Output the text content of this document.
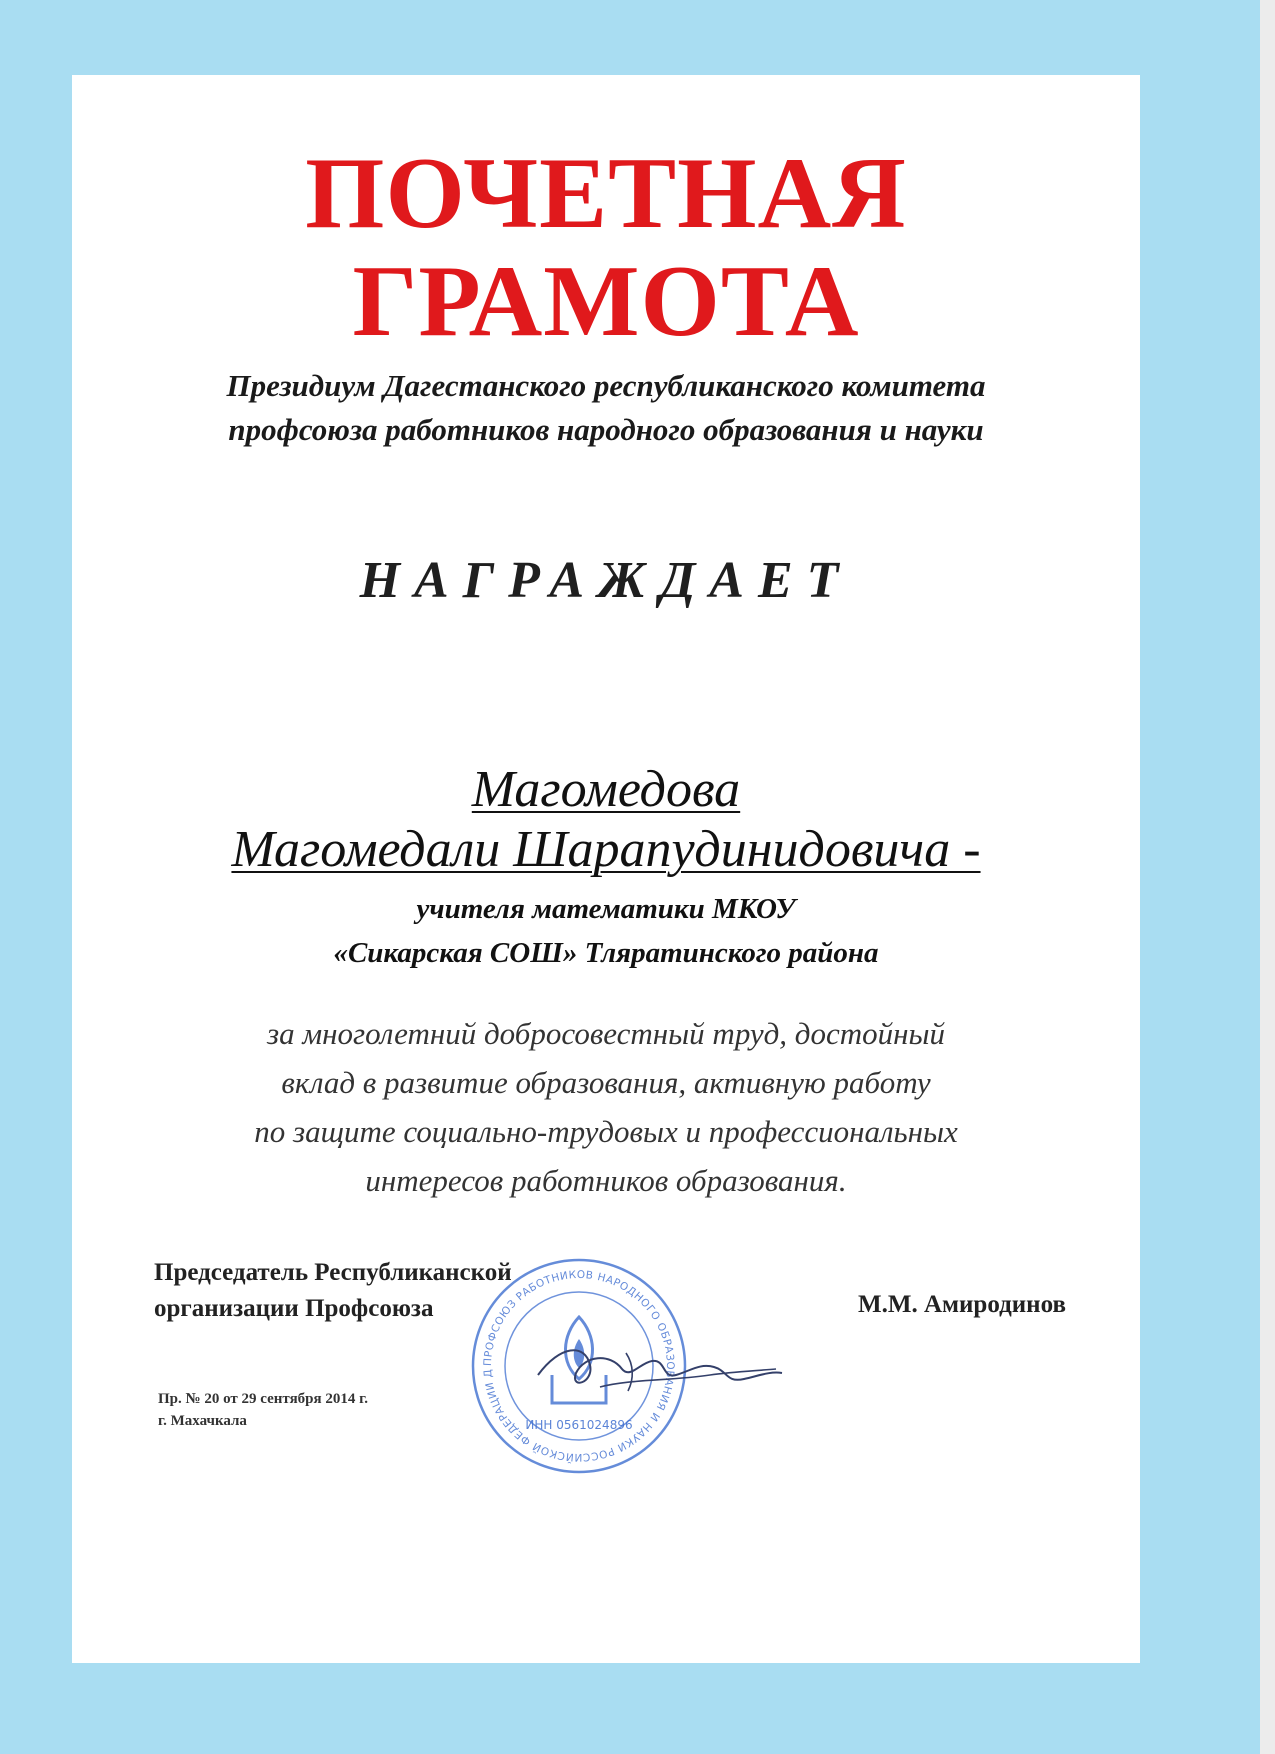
ПОЧЕТНАЯ
ГРАМОТА
Президиум Дагестанского республиканского комитета
профсоюза работников народного образования и науки
НАГРАЖДАЕТ
Магомедова
Магомедали Шарапудинидовича -
учителя математики МКОУ
«Сикарская СОШ» Тляратинского района
за многолетний добросовестный труд, достойный
вклад в развитие образования, активную работу
по защите социально-трудовых и профессиональных
интересов работников образования.
Председатель Республиканской
организации Профсоюза	М.М. Амиродинов
Пр. № 20 от 29 сентября 2014 г.
г. Махачкала
ПРОФСОЮЗ РАБОТНИКОВ НАРОДНОГО ОБРАЗОВАНИЯ И НАУКИ РОССИЙСКОЙ ФЕДЕРАЦИИ Д
ИНН 0561024896
